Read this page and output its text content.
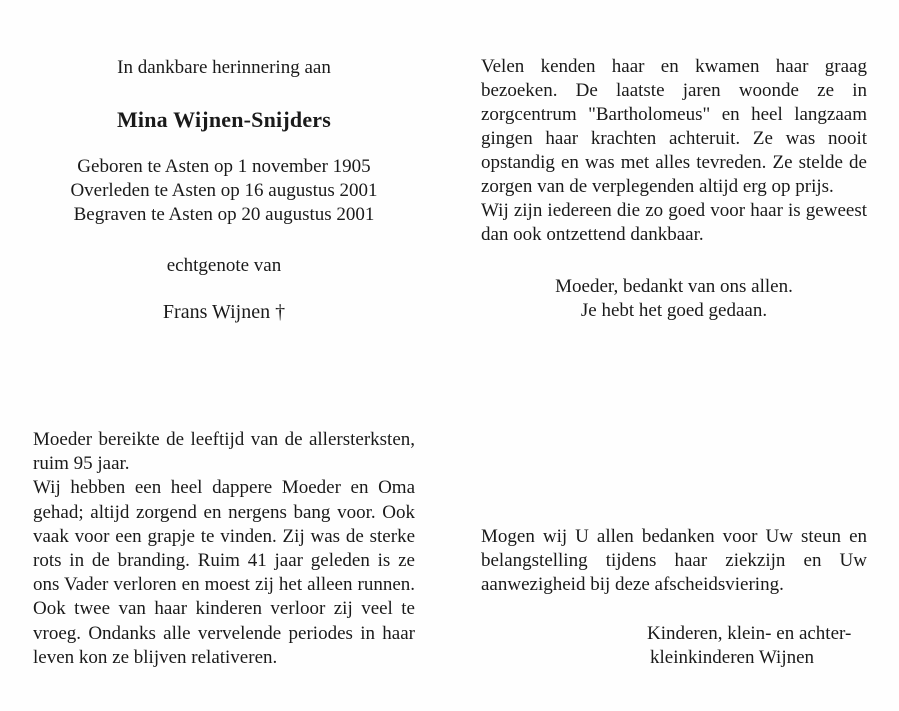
In dankbare herinnering aan
Mina Wijnen-Snijders
Geboren te Asten op 1 november 1905
Overleden te Asten op 16 augustus 2001
Begraven te Asten op 20 augustus 2001
echtgenote van
Frans Wijnen †

Moeder bereikte de leeftijd van de allersterksten, ruim 95 jaar.

Wij hebben een heel dappere Moeder en Oma gehad; altijd zorgend en nergens bang voor. Ook vaak voor een grapje te vinden. Zij was de sterke rots in de branding. Ruim 41 jaar geleden is ze ons Vader verloren en moest zij het alleen runnen. Ook twee van haar kinderen verloor zij veel te vroeg. Ondanks alle vervelende periodes in haar leven kon ze blijven relativeren.

Velen kenden haar en kwamen haar graag bezoeken. De laatste jaren woonde ze in zorgcentrum "Bartholomeus" en heel langzaam gingen haar krachten achteruit. Ze was nooit opstandig en was met alles tevreden. Ze stelde de zorgen van de verplegenden altijd erg op prijs.

Wij zijn iedereen die zo goed voor haar is geweest dan ook ontzettend dankbaar.

Moeder, bedankt van ons allen.
Je hebt het goed gedaan.
Mogen wij U allen bedanken voor Uw steun en belangstelling tijdens haar ziekzijn en Uw aanwezigheid bij deze afscheidsviering.
Kinderen, klein- en achter-
kleinkinderen Wijnen
